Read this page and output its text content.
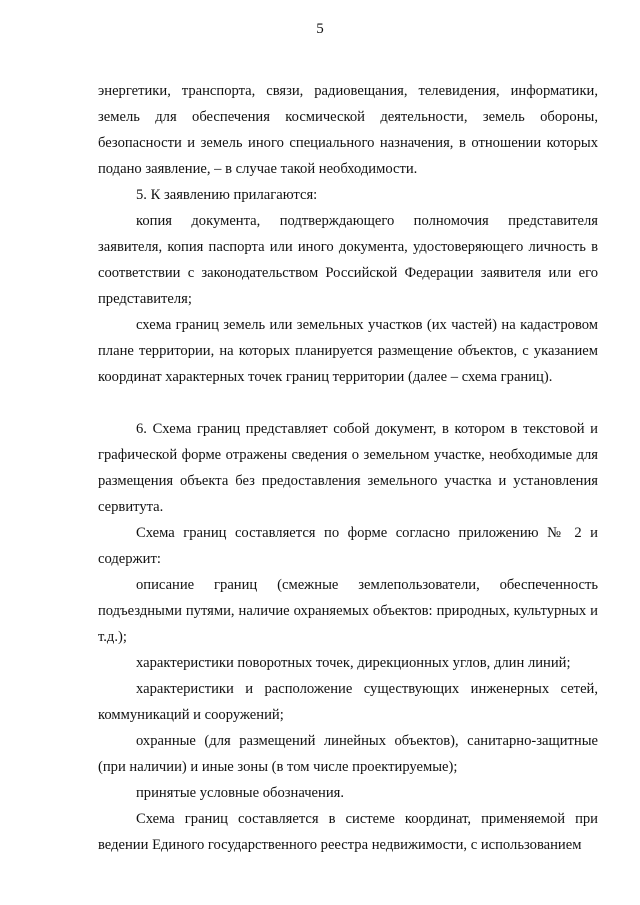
5

энергетики, транспорта, связи, радиовещания, телевидения, информатики, земель для обеспечения космической деятельности, земель обороны, безопасности и земель иного специального назначения, в отношении которых подано заявление, – в случае такой необходимости.

5. К заявлению прилагаются:

копия документа, подтверждающего полномочия представителя заявителя, копия паспорта или иного документа, удостоверяющего личность в соответствии с законодательством Российской Федерации заявителя или его представителя;

схема границ земель или земельных участков (их частей) на кадастровом плане территории, на которых планируется размещение объектов, с указанием координат характерных точек границ территории (далее – схема границ).

6. Схема границ представляет собой документ, в котором в текстовой и графической форме отражены сведения о земельном участке, необходимые для размещения объекта без предоставления земельного участка и установления сервитута.

Схема границ составляется по форме согласно приложению № 2 и содержит:

описание границ (смежные землепользователи, обеспеченность подъездными путями, наличие охраняемых объектов: природных, культурных и т.д.);

характеристики поворотных точек, дирекционных углов, длин линий;

характеристики и расположение существующих инженерных сетей, коммуникаций и сооружений;

охранные (для размещений линейных объектов), санитарно-защитные (при наличии) и иные зоны (в том числе проектируемые);

принятые условные обозначения.

Схема границ составляется в системе координат, применяемой при ведении Единого государственного реестра недвижимости, с использованием
